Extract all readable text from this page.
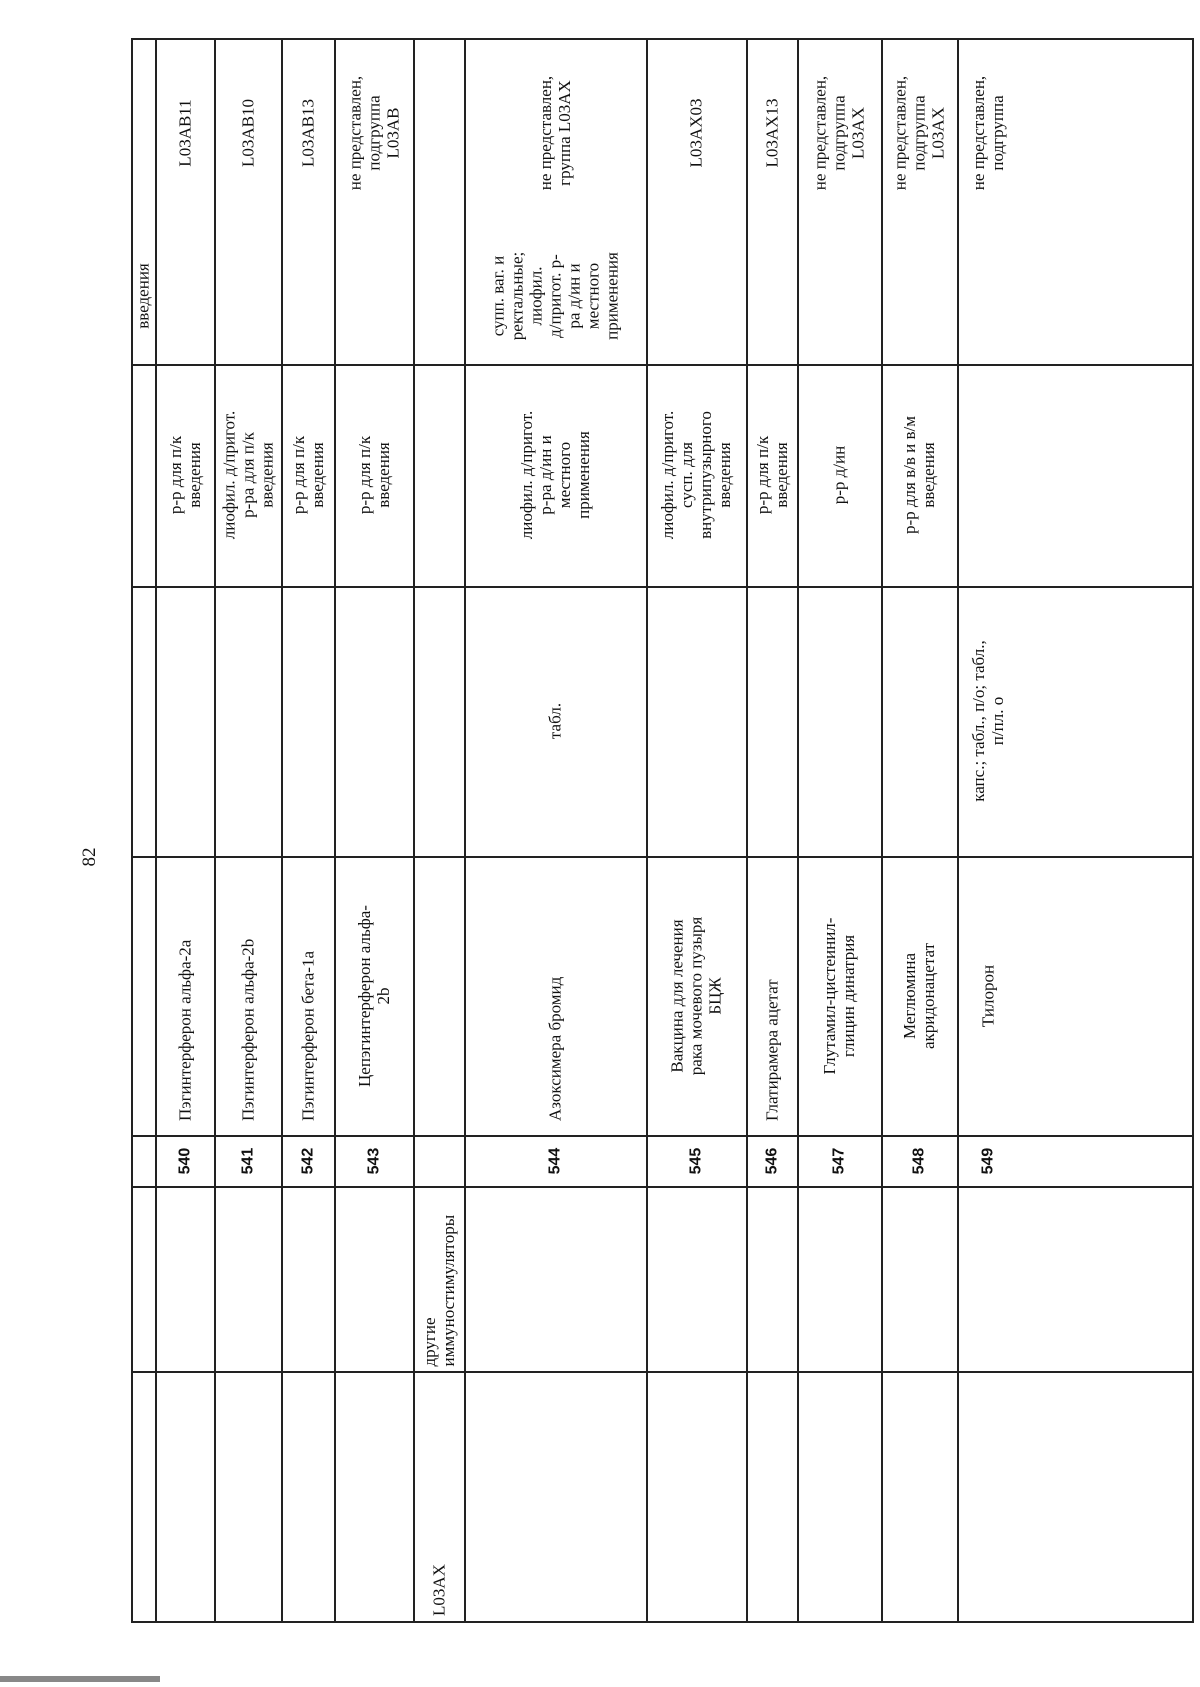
82
введения
L03AB11
р-р для п/к
введения
Пэгинтерферон альфа-2а
540
L03AB10
лиофил. д/пригот.
р-ра для п/к
введения
Пэгинтерферон альфа-2b
541
L03AB13
р-р для п/к
введения
Пэгинтерферон бета-1а
542
не представлен,
подгруппа
L03AB
р-р для п/к
введения
Цепэгинтерферон альфа-
2b
543
другие
иммуностимуляторы
L03AX
не представлен,
группа L03AX
супп. ваг. и
ректальные;
лиофил.
д/пригот. р-
ра д/ин и
местного
применения
лиофил. д/пригот.
р-ра д/ин и
местного
применения
табл.
Азоксимера бромид
544
L03AX03
лиофил. д/пригот.
сусп. для
внутрипузырного
введения
Вакцина для лечения
рака мочевого пузыря
БЦЖ
545
L03AX13
р-р для п/к
введения
Глатирамера ацетат
546
не представлен,
подгруппа
L03AX
р-р д/ин
Глутамил-цистеинил-
глицин динатрия
547
не представлен,
подгруппа
L03AX
р-р для в/в и в/м
введения
Меглюмина
акридонацетат
548
не представлен,
подгруппа
капс.; табл., п/о; табл.,
п/пл. о
Тилорон
549
